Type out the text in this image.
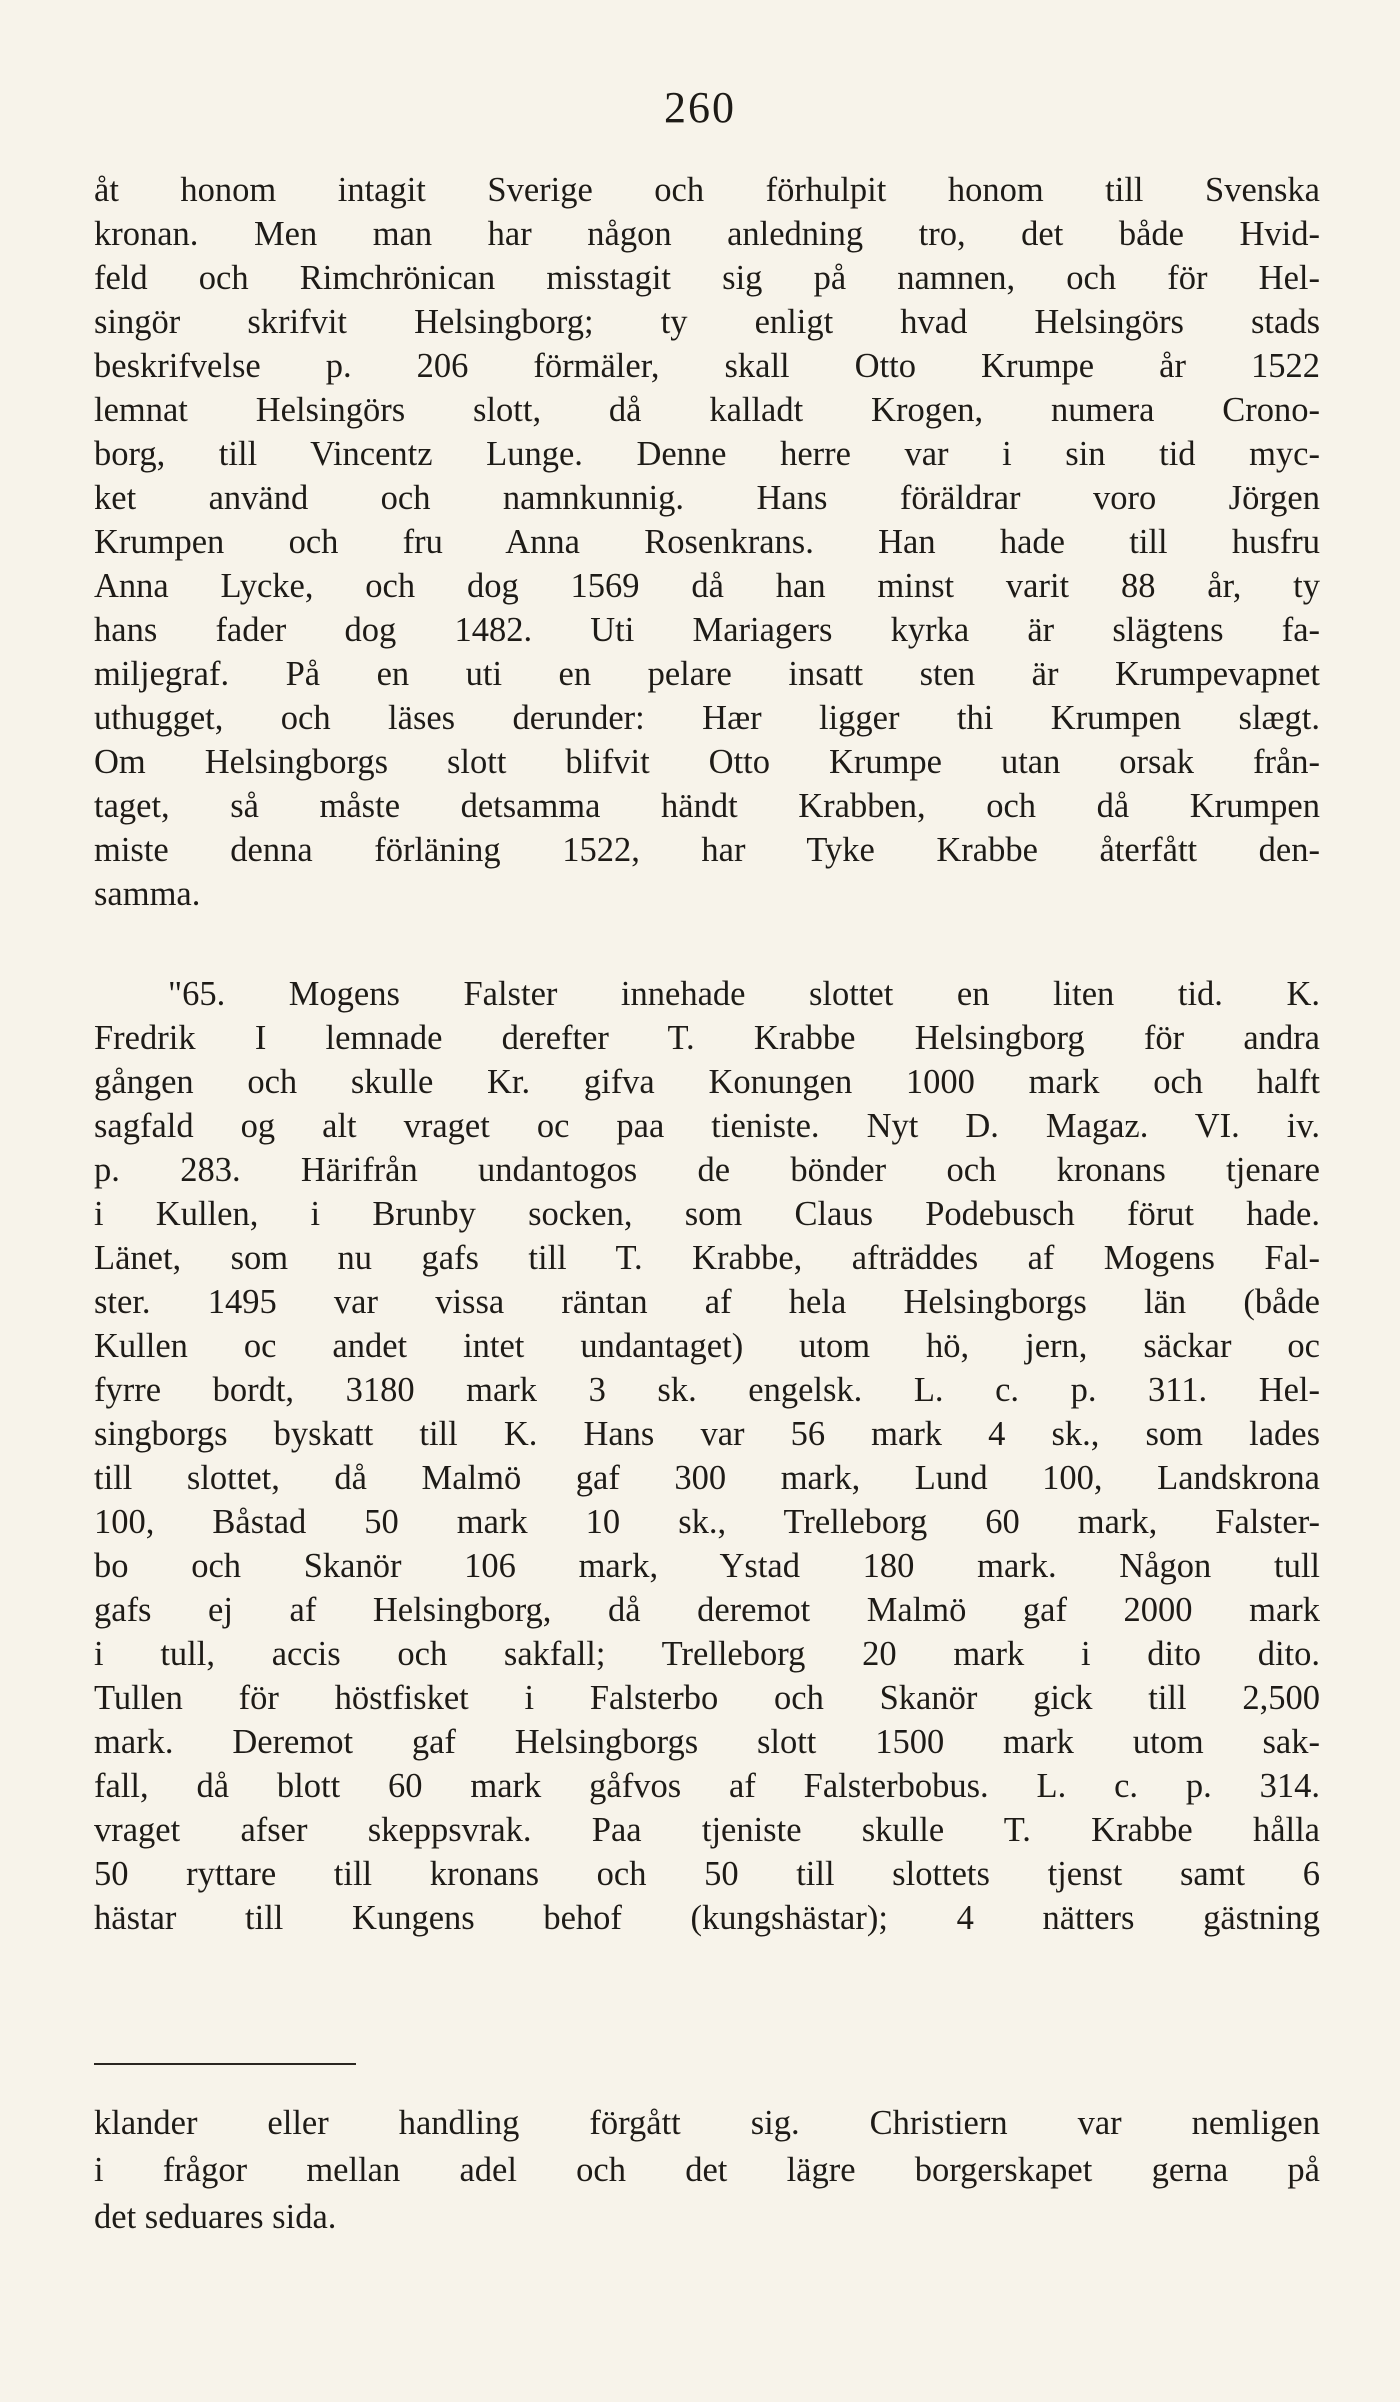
260
åt honom intagit Sverige och förhulpit honom till Svenska
kronan. Men man har någon anledning tro, det både Hvid-
feld och Rimchrönican misstagit sig på namnen, och för Hel-
singör skrifvit Helsingborg; ty enligt hvad Helsingörs stads
beskrifvelse p. 206 förmäler, skall Otto Krumpe år 1522
lemnat Helsingörs slott, då kalladt Krogen, numera Crono-
borg, till Vincentz Lunge. Denne herre var i sin tid myc-
ket använd och namnkunnig. Hans föräldrar voro Jörgen
Krumpen och fru Anna Rosenkrans. Han hade till husfru
Anna Lycke, och dog 1569 då han minst varit 88 år, ty
hans fader dog 1482. Uti Mariagers kyrka är slägtens fa-
miljegraf. På en uti en pelare insatt sten är Krumpevapnet
uthugget, och läses derunder: Hær ligger thi Krumpen slægt.
Om Helsingborgs slott blifvit Otto Krumpe utan orsak från-
taget, så måste detsamma händt Krabben, och då Krumpen
miste denna förläning 1522, har Tyke Krabbe återfått den-
samma.
"65. Mogens Falster innehade slottet en liten tid. K.
Fredrik I lemnade derefter T. Krabbe Helsingborg för andra
gången och skulle Kr. gifva Konungen 1000 mark och halft
sagfald og alt vraget oc paa tieniste. Nyt D. Magaz. VI. iv.
p. 283. Härifrån undantogos de bönder och kronans tjenare
i Kullen, i Brunby socken, som Claus Podebusch förut hade.
Länet, som nu gafs till T. Krabbe, afträddes af Mogens Fal-
ster. 1495 var vissa räntan af hela Helsingborgs län (både
Kullen oc andet intet undantaget) utom hö, jern, säckar oc
fyrre bordt, 3180 mark 3 sk. engelsk. L. c. p. 311. Hel-
singborgs byskatt till K. Hans var 56 mark 4 sk., som lades
till slottet, då Malmö gaf 300 mark, Lund 100, Landskrona
100, Båstad 50 mark 10 sk., Trelleborg 60 mark, Falster-
bo och Skanör 106 mark, Ystad 180 mark. Någon tull
gafs ej af Helsingborg, då deremot Malmö gaf 2000 mark
i tull, accis och sakfall; Trelleborg 20 mark i dito dito.
Tullen för höstfisket i Falsterbo och Skanör gick till 2,500
mark. Deremot gaf Helsingborgs slott 1500 mark utom sak-
fall, då blott 60 mark gåfvos af Falsterbobus. L. c. p. 314.
vraget afser skeppsvrak. Paa tjeniste skulle T. Krabbe hålla
50 ryttare till kronans och 50 till slottets tjenst samt 6
hästar till Kungens behof (kungshästar); 4 nätters gästning
klander eller handling förgått sig. Christiern var nemligen
i frågor mellan adel och det lägre borgerskapet gerna på
det seduares sida.
